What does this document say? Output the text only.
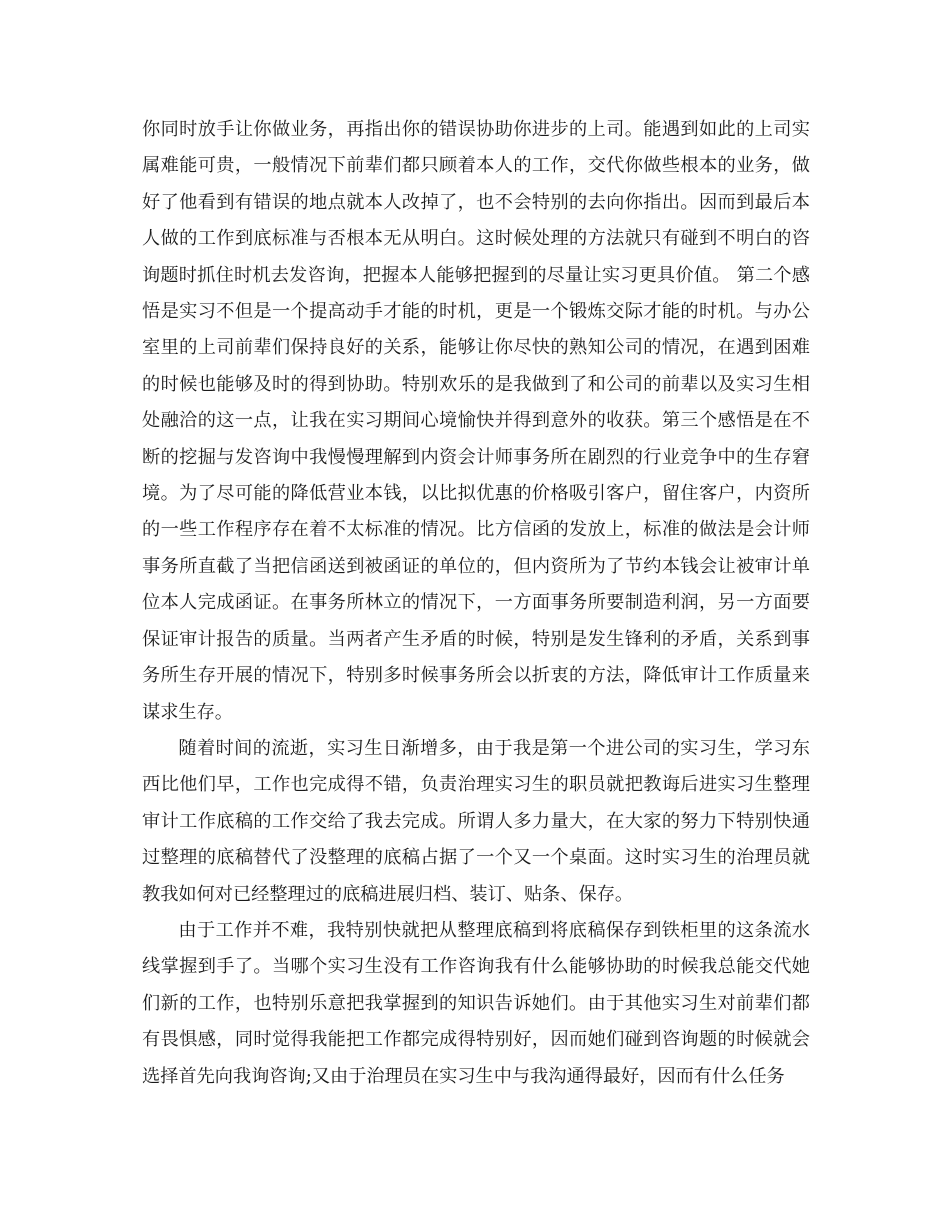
你同时放手让你做业务，再指出你的错误协助你进步的上司。能遇到如此的上司实属难能可贵，一般情况下前辈们都只顾着本人的工作，交代你做些根本的业务，做好了他看到有错误的地点就本人改掉了，也不会特别的去向你指出。因而到最后本人做的工作到底标准与否根本无从明白。这时候处理的方法就只有碰到不明白的咨询题时抓住时机去发咨询，把握本人能够把握到的尽量让实习更具价值。 第二个感悟是实习不但是一个提高动手才能的时机，更是一个锻炼交际才能的时机。与办公室里的上司前辈们保持良好的关系，能够让你尽快的熟知公司的情况，在遇到困难的时候也能够及时的得到协助。特别欢乐的是我做到了和公司的前辈以及实习生相处融洽的这一点，让我在实习期间心境愉快并得到意外的收获。第三个感悟是在不断的挖掘与发咨询中我慢慢理解到内资会计师事务所在剧烈的行业竞争中的生存窘境。为了尽可能的降低营业本钱，以比拟优惠的价格吸引客户，留住客户，内资所的一些工作程序存在着不太标准的情况。比方信函的发放上，标准的做法是会计师事务所直截了当把信函送到被函证的单位的，但内资所为了节约本钱会让被审计单位本人完成函证。在事务所林立的情况下，一方面事务所要制造利润，另一方面要保证审计报告的质量。当两者产生矛盾的时候，特别是发生锋利的矛盾，关系到事务所生存开展的情况下，特别多时候事务所会以折衷的方法，降低审计工作质量来谋求生存。

随着时间的流逝，实习生日渐增多，由于我是第一个进公司的实习生，学习东西比他们早，工作也完成得不错，负责治理实习生的职员就把教诲后进实习生整理审计工作底稿的工作交给了我去完成。所谓人多力量大，在大家的努力下特别快通过整理的底稿替代了没整理的底稿占据了一个又一个桌面。这时实习生的治理员就教我如何对已经整理过的底稿进展归档、装订、贴条、保存。

由于工作并不难，我特别快就把从整理底稿到将底稿保存到铁柜里的这条流水线掌握到手了。当哪个实习生没有工作咨询我有什么能够协助的时候我总能交代她们新的工作，也特别乐意把我掌握到的知识告诉她们。由于其他实习生对前辈们都有畏惧感，同时觉得我能把工作都完成得特别好，因而她们碰到咨询题的时候就会选择首先向我询咨询;又由于治理员在实习生中与我沟通得最好，因而有什么任务
